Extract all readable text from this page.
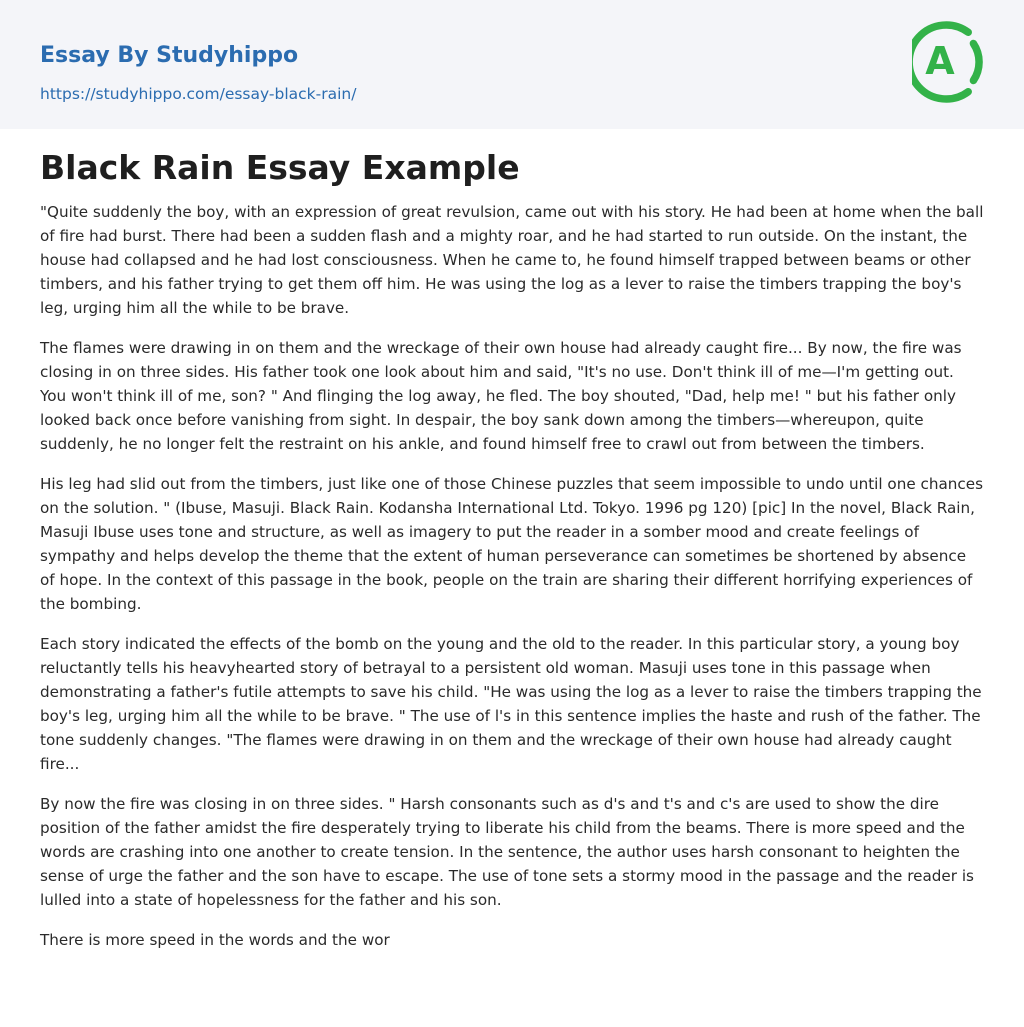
Essay By Studyhippo
https://studyhippo.com/essay-black-rain/
A
Black Rain Essay Example

"Quite suddenly the boy, with an expression of great revulsion, came out with his story. He had been at home when the ball of fire had burst. There had been a sudden flash and a mighty roar, and he had started to run outside. On the instant, the house had collapsed and he had lost consciousness. When he came to, he found himself trapped between beams or other timbers, and his father trying to get them off him. He was using the log as a lever to raise the timbers trapping the boy's leg, urging him all the while to be brave.

The flames were drawing in on them and the wreckage of their own house had already caught fire... By now, the fire was closing in on three sides. His father took one look about him and said, "It's no use. Don't think ill of me—I'm getting out. You won't think ill of me, son? " And flinging the log away, he fled. The boy shouted, "Dad, help me! " but his father only looked back once before vanishing from sight. In despair, the boy sank down among the timbers—whereupon, quite suddenly, he no longer felt the restraint on his ankle, and found himself free to crawl out from between the timbers.

His leg had slid out from the timbers, just like one of those Chinese puzzles that seem impossible to undo until one chances on the solution. " (Ibuse, Masuji. Black Rain. Kodansha International Ltd. Tokyo. 1996 pg 120) [pic] In the novel, Black Rain, Masuji Ibuse uses tone and structure, as well as imagery to put the reader in a somber mood and create feelings of sympathy and helps develop the theme that the extent of human perseverance can sometimes be shortened by absence of hope. In the context of this passage in the book, people on the train are sharing their different horrifying experiences of the bombing.

Each story indicated the effects of the bomb on the young and the old to the reader. In this particular story, a young boy reluctantly tells his heavyhearted story of betrayal to a persistent old woman. Masuji uses tone in this passage when demonstrating a father's futile attempts to save his child. "He was using the log as a lever to raise the timbers trapping the boy's leg, urging him all the while to be brave. " The use of l's in this sentence implies the haste and rush of the father. The tone suddenly changes. "The flames were drawing in on them and the wreckage of their own house had already caught fire...

By now the fire was closing in on three sides. " Harsh consonants such as d's and t's and c's are used to show the dire position of the father amidst the fire desperately trying to liberate his child from the beams. There is more speed and the words are crashing into one another to create tension. In the sentence, the author uses harsh consonant to heighten the sense of urge the father and the son have to escape. The use of tone sets a stormy mood in the passage and the reader is lulled into a state of hopelessness for the father and his son.

There is more speed in the words and the wor
